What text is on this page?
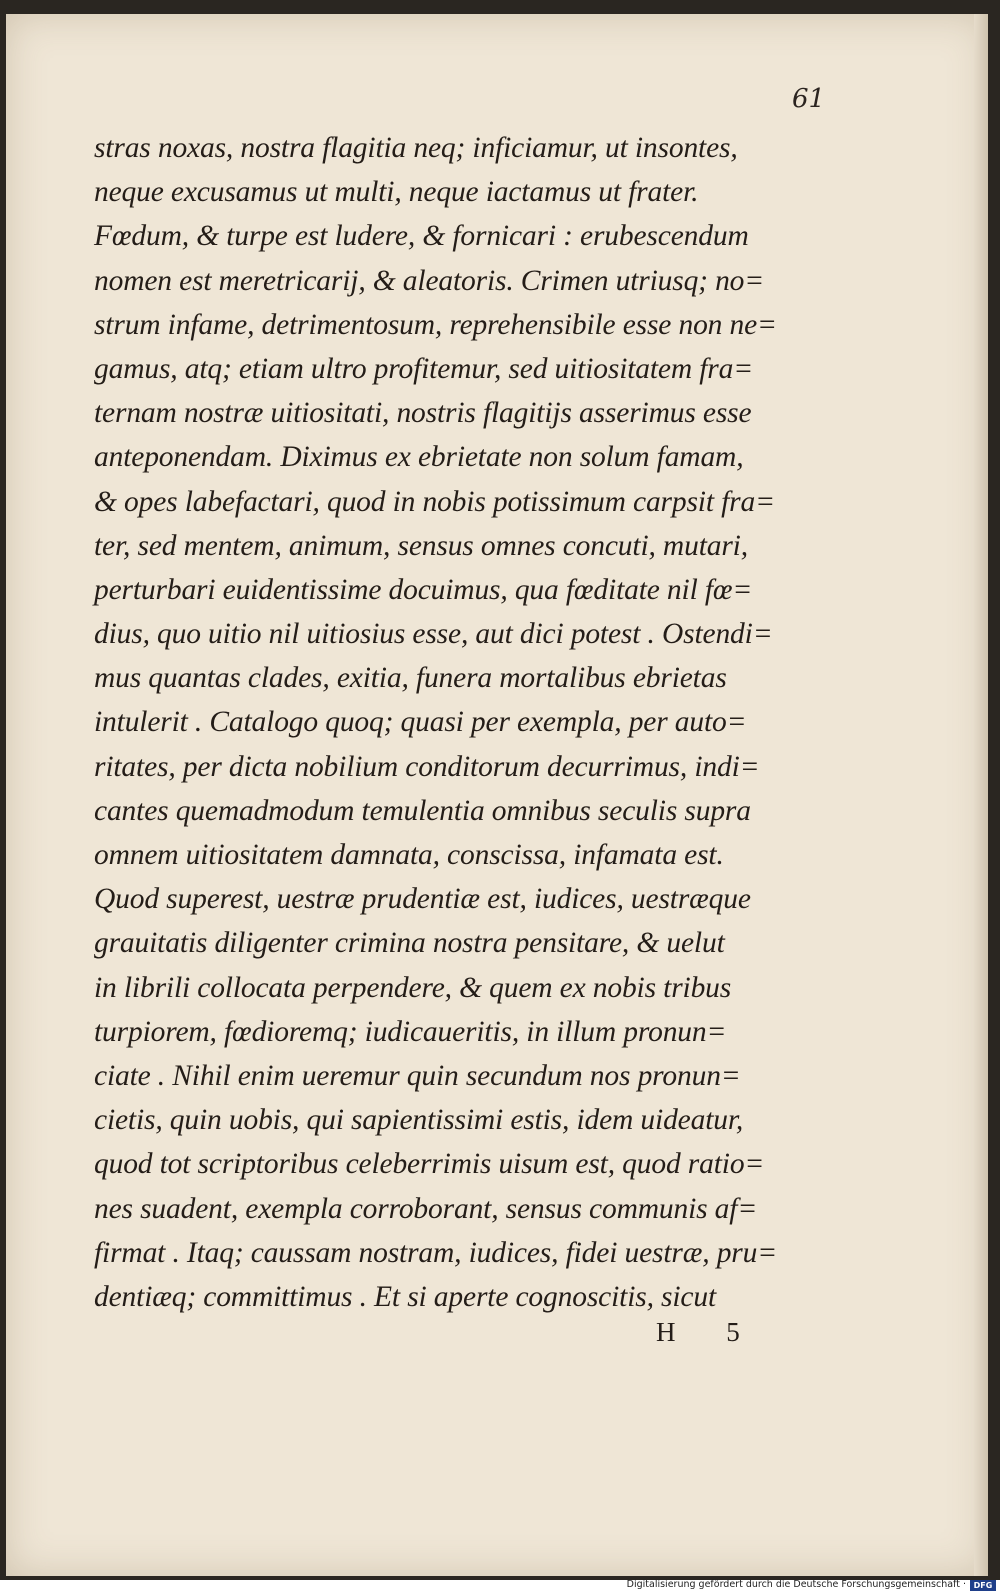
61
stras noxas, nostra flagitia neq; inficiamur, ut insontes,
neque excusamus ut multi, neque iactamus ut frater.
Fœdum, & turpe est ludere, & fornicari : erubescendum
nomen est meretricarij, & aleatoris. Crimen utriusq; no=
strum infame, detrimentosum, reprehensibile esse non ne=
gamus, atq; etiam ultro profitemur, sed uitiositatem fra=
ternam nostræ uitiositati, nostris flagitijs asserimus esse
anteponendam. Diximus ex ebrietate non solum famam,
& opes labefactari, quod in nobis potissimum carpsit fra=
ter, sed mentem, animum, sensus omnes concuti, mutari,
perturbari euidentissime docuimus, qua fœditate nil fœ=
dius, quo uitio nil uitiosius esse, aut dici potest . Ostendi=
mus quantas clades, exitia, funera mortalibus ebrietas
intulerit . Catalogo quoq; quasi per exempla, per auto=
ritates, per dicta nobilium conditorum decurrimus, indi=
cantes quemadmodum temulentia omnibus seculis supra
omnem uitiositatem damnata, conscissa, infamata est.
Quod superest, uestræ prudentiæ est, iudices, uestræque
grauitatis diligenter crimina nostra pensitare, & uelut
in librili collocata perpendere, & quem ex nobis tribus
turpiorem, fœdioremq; iudicaueritis, in illum pronun=
ciate . Nihil enim ueremur quin secundum nos pronun=
cietis, quin uobis, qui sapientissimi estis, idem uideatur,
quod tot scriptoribus celeberrimis uisum est, quod ratio=
nes suadent, exempla corroborant, sensus communis af=
firmat . Itaq; caussam nostram, iudices, fidei uestræ, pru=
dentiæq; committimus . Et si aperte cognoscitis, sicut
H 5
Digitalisierung gefördert durch die Deutsche Forschungsgemeinschaft · DFG
